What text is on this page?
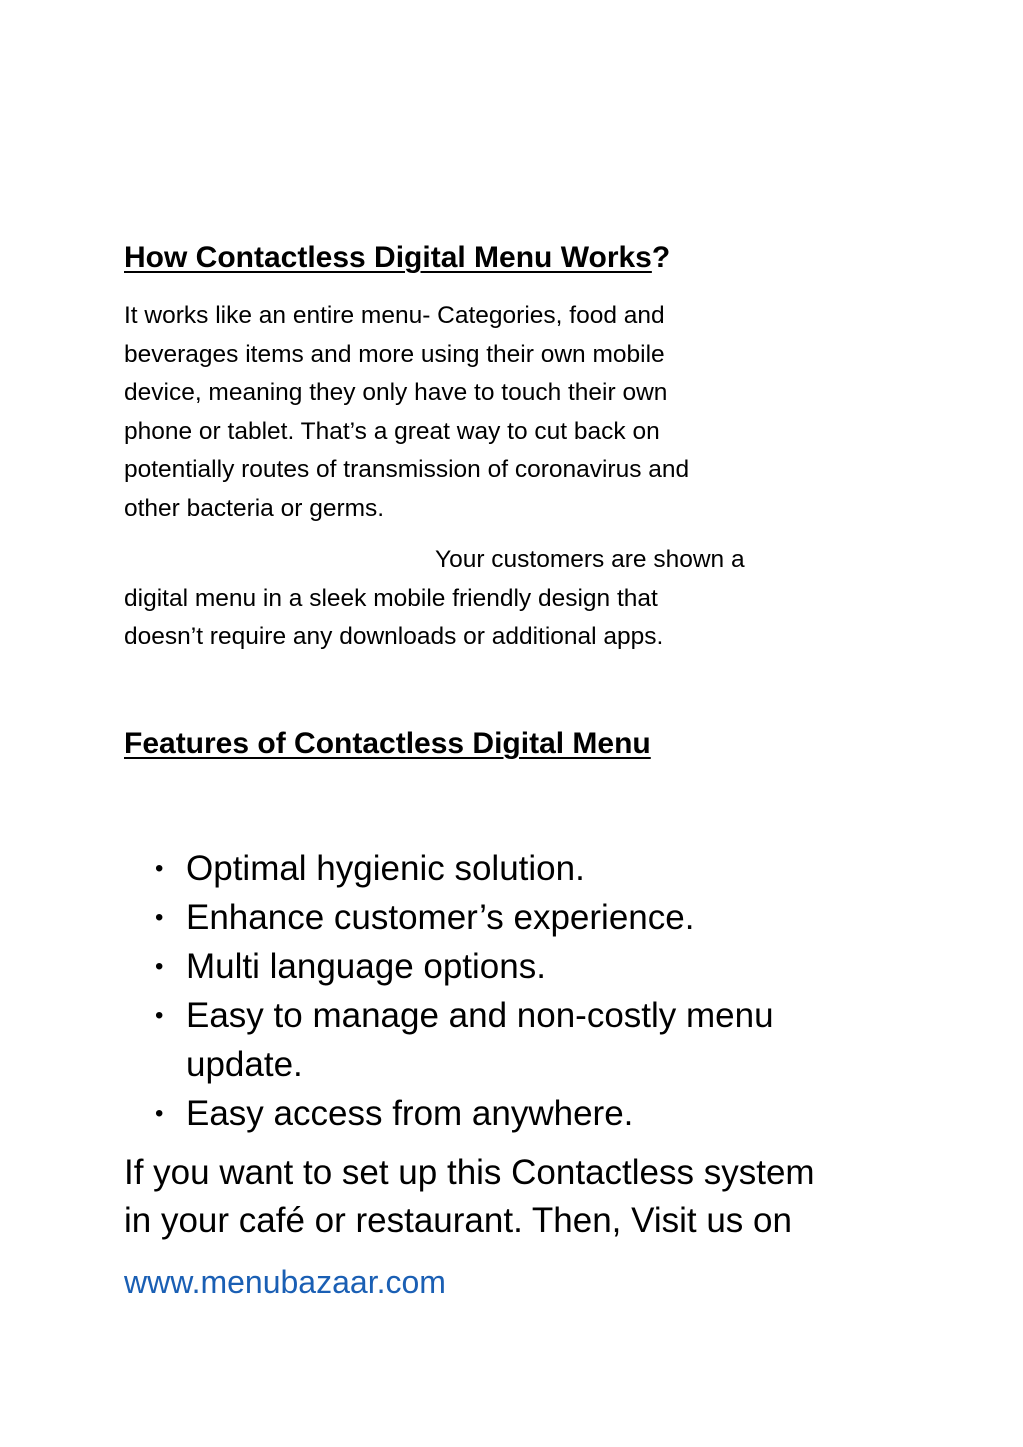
How Contactless Digital Menu Works?
It works like an entire menu- Categories, food and
beverages items and more using their own mobile
device, meaning they only have to touch their own
phone or tablet. That’s a great way to cut back on
potentially routes of transmission of coronavirus and
other bacteria or germs.
Your customers are shown a
digital menu in a sleek mobile friendly design that
doesn’t require any downloads or additional apps.
Features of Contactless Digital Menu
• Optimal hygienic solution.
• Enhance customer’s experience.
• Multi language options.
• Easy to manage and non-costly menu
update.
• Easy access from anywhere.
If you want to set up this Contactless system
in your café or restaurant. Then, Visit us on
www.menubazaar.com
